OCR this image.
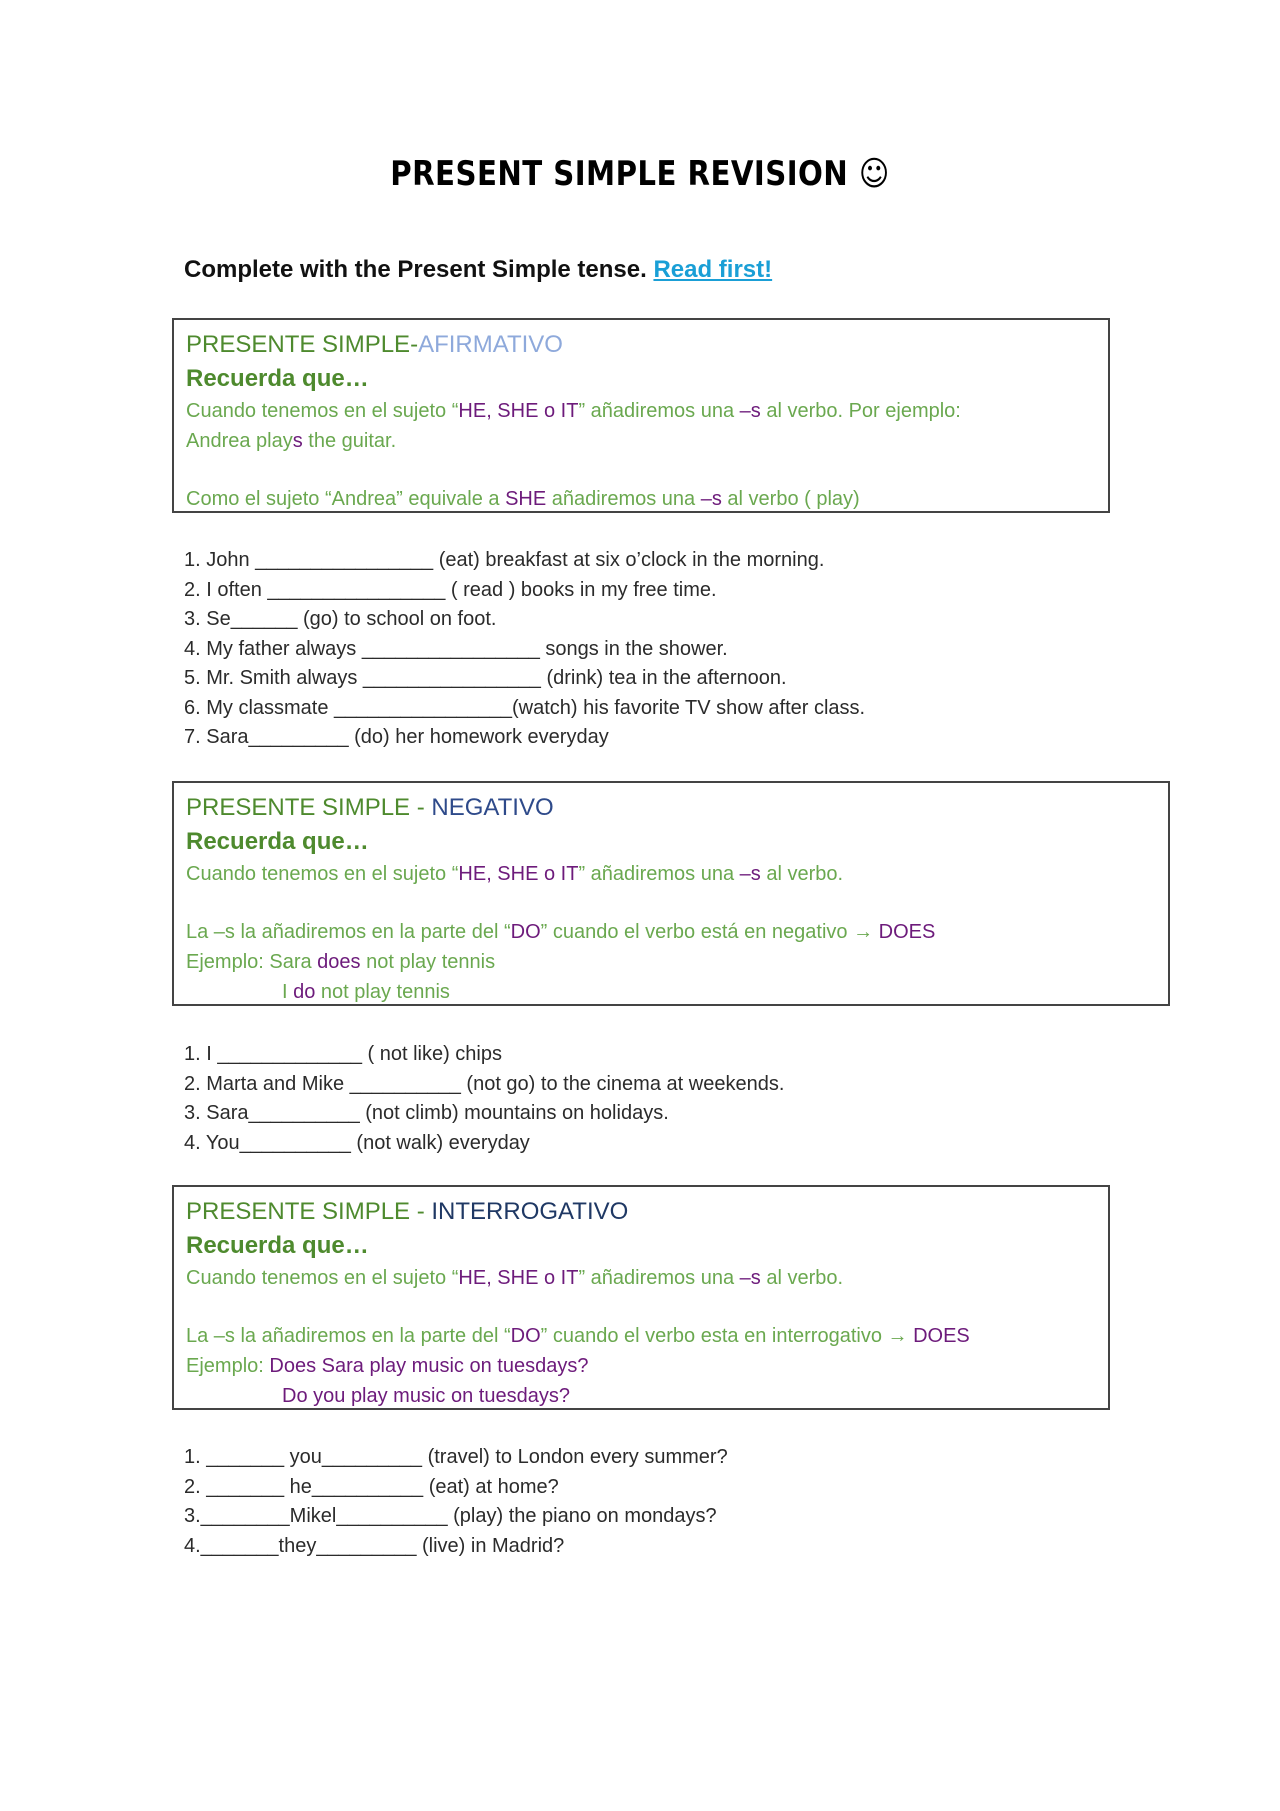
PRESENT SIMPLE REVISION ☺
Complete with the Present Simple tense. Read first!
PRESENTE SIMPLE-AFIRMATIVO
Recuerda que…
Cuando tenemos en el sujeto “HE, SHE o IT” añadiremos una –s al verbo. Por ejemplo:
Andrea plays the guitar.
Como el sujeto “Andrea” equivale a SHE añadiremos una –s al verbo ( play)
1. John ________________ (eat) breakfast at six o’clock in the morning.
2. I often ________________ ( read ) books in my free time.
3. Se______ (go) to school on foot.
4. My father always ________________ songs in the shower.
5. Mr. Smith always ________________ (drink) tea in the afternoon.
6. My classmate ________________(watch) his favorite TV show after class.
7. Sara_________ (do) her homework everyday
PRESENTE SIMPLE - NEGATIVO
Recuerda que…
Cuando tenemos en el sujeto “HE, SHE o IT” añadiremos una –s al verbo.
La –s la añadiremos en la parte del “DO” cuando el verbo está en negativo → DOES
Ejemplo: Sara does not play tennis
I do not play tennis
1. I _____________ ( not like) chips
2. Marta and Mike __________ (not go) to the cinema at weekends.
3. Sara__________ (not climb) mountains on holidays.
4. You__________ (not walk) everyday
PRESENTE SIMPLE - INTERROGATIVO
Recuerda que…
Cuando tenemos en el sujeto “HE, SHE o IT” añadiremos una –s al verbo.
La –s la añadiremos en la parte del “DO” cuando el verbo esta en interrogativo → DOES
Ejemplo: Does Sara play music on tuesdays?
Do you play music on tuesdays?
1. _______ you_________ (travel) to London every summer?
2. _______ he__________ (eat) at home?
3.________Mikel__________ (play) the piano on mondays?
4._______they_________ (live) in Madrid?
